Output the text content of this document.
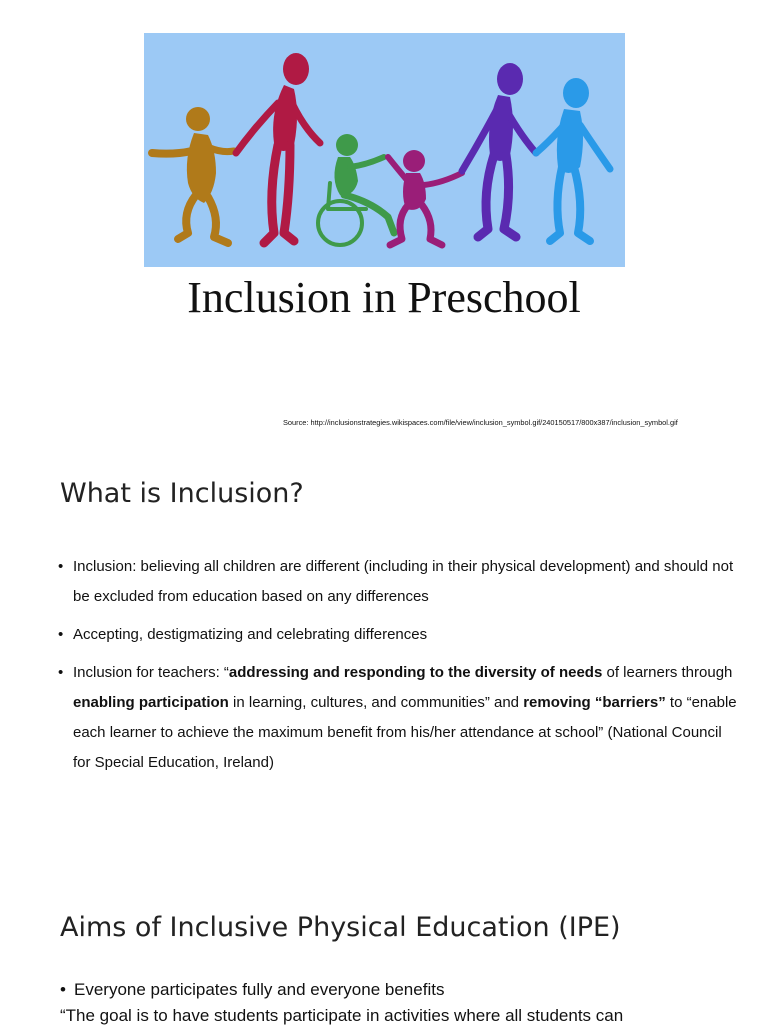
Inclusion in Preschool
Source: http://inclusionstrategies.wikispaces.com/file/view/inclusion_symbol.gif/240150517/800x387/inclusion_symbol.gif
What is Inclusion?
• Inclusion: believing all children are different (including in their physical development) and should not be excluded from education based on any differences
• Accepting, destigmatizing and celebrating differences
• Inclusion for teachers: “addressing and responding to the diversity of needs of learners through enabling participation in learning, cultures, and communities” and removing “barriers” to “enable each learner to achieve the maximum benefit from his/her attendance at school” (National Council for Special Education, Ireland)
Aims of Inclusive Physical Education (IPE)
• Everyone participates fully and everyone benefits
“The goal is to have students participate in activities where all students can
